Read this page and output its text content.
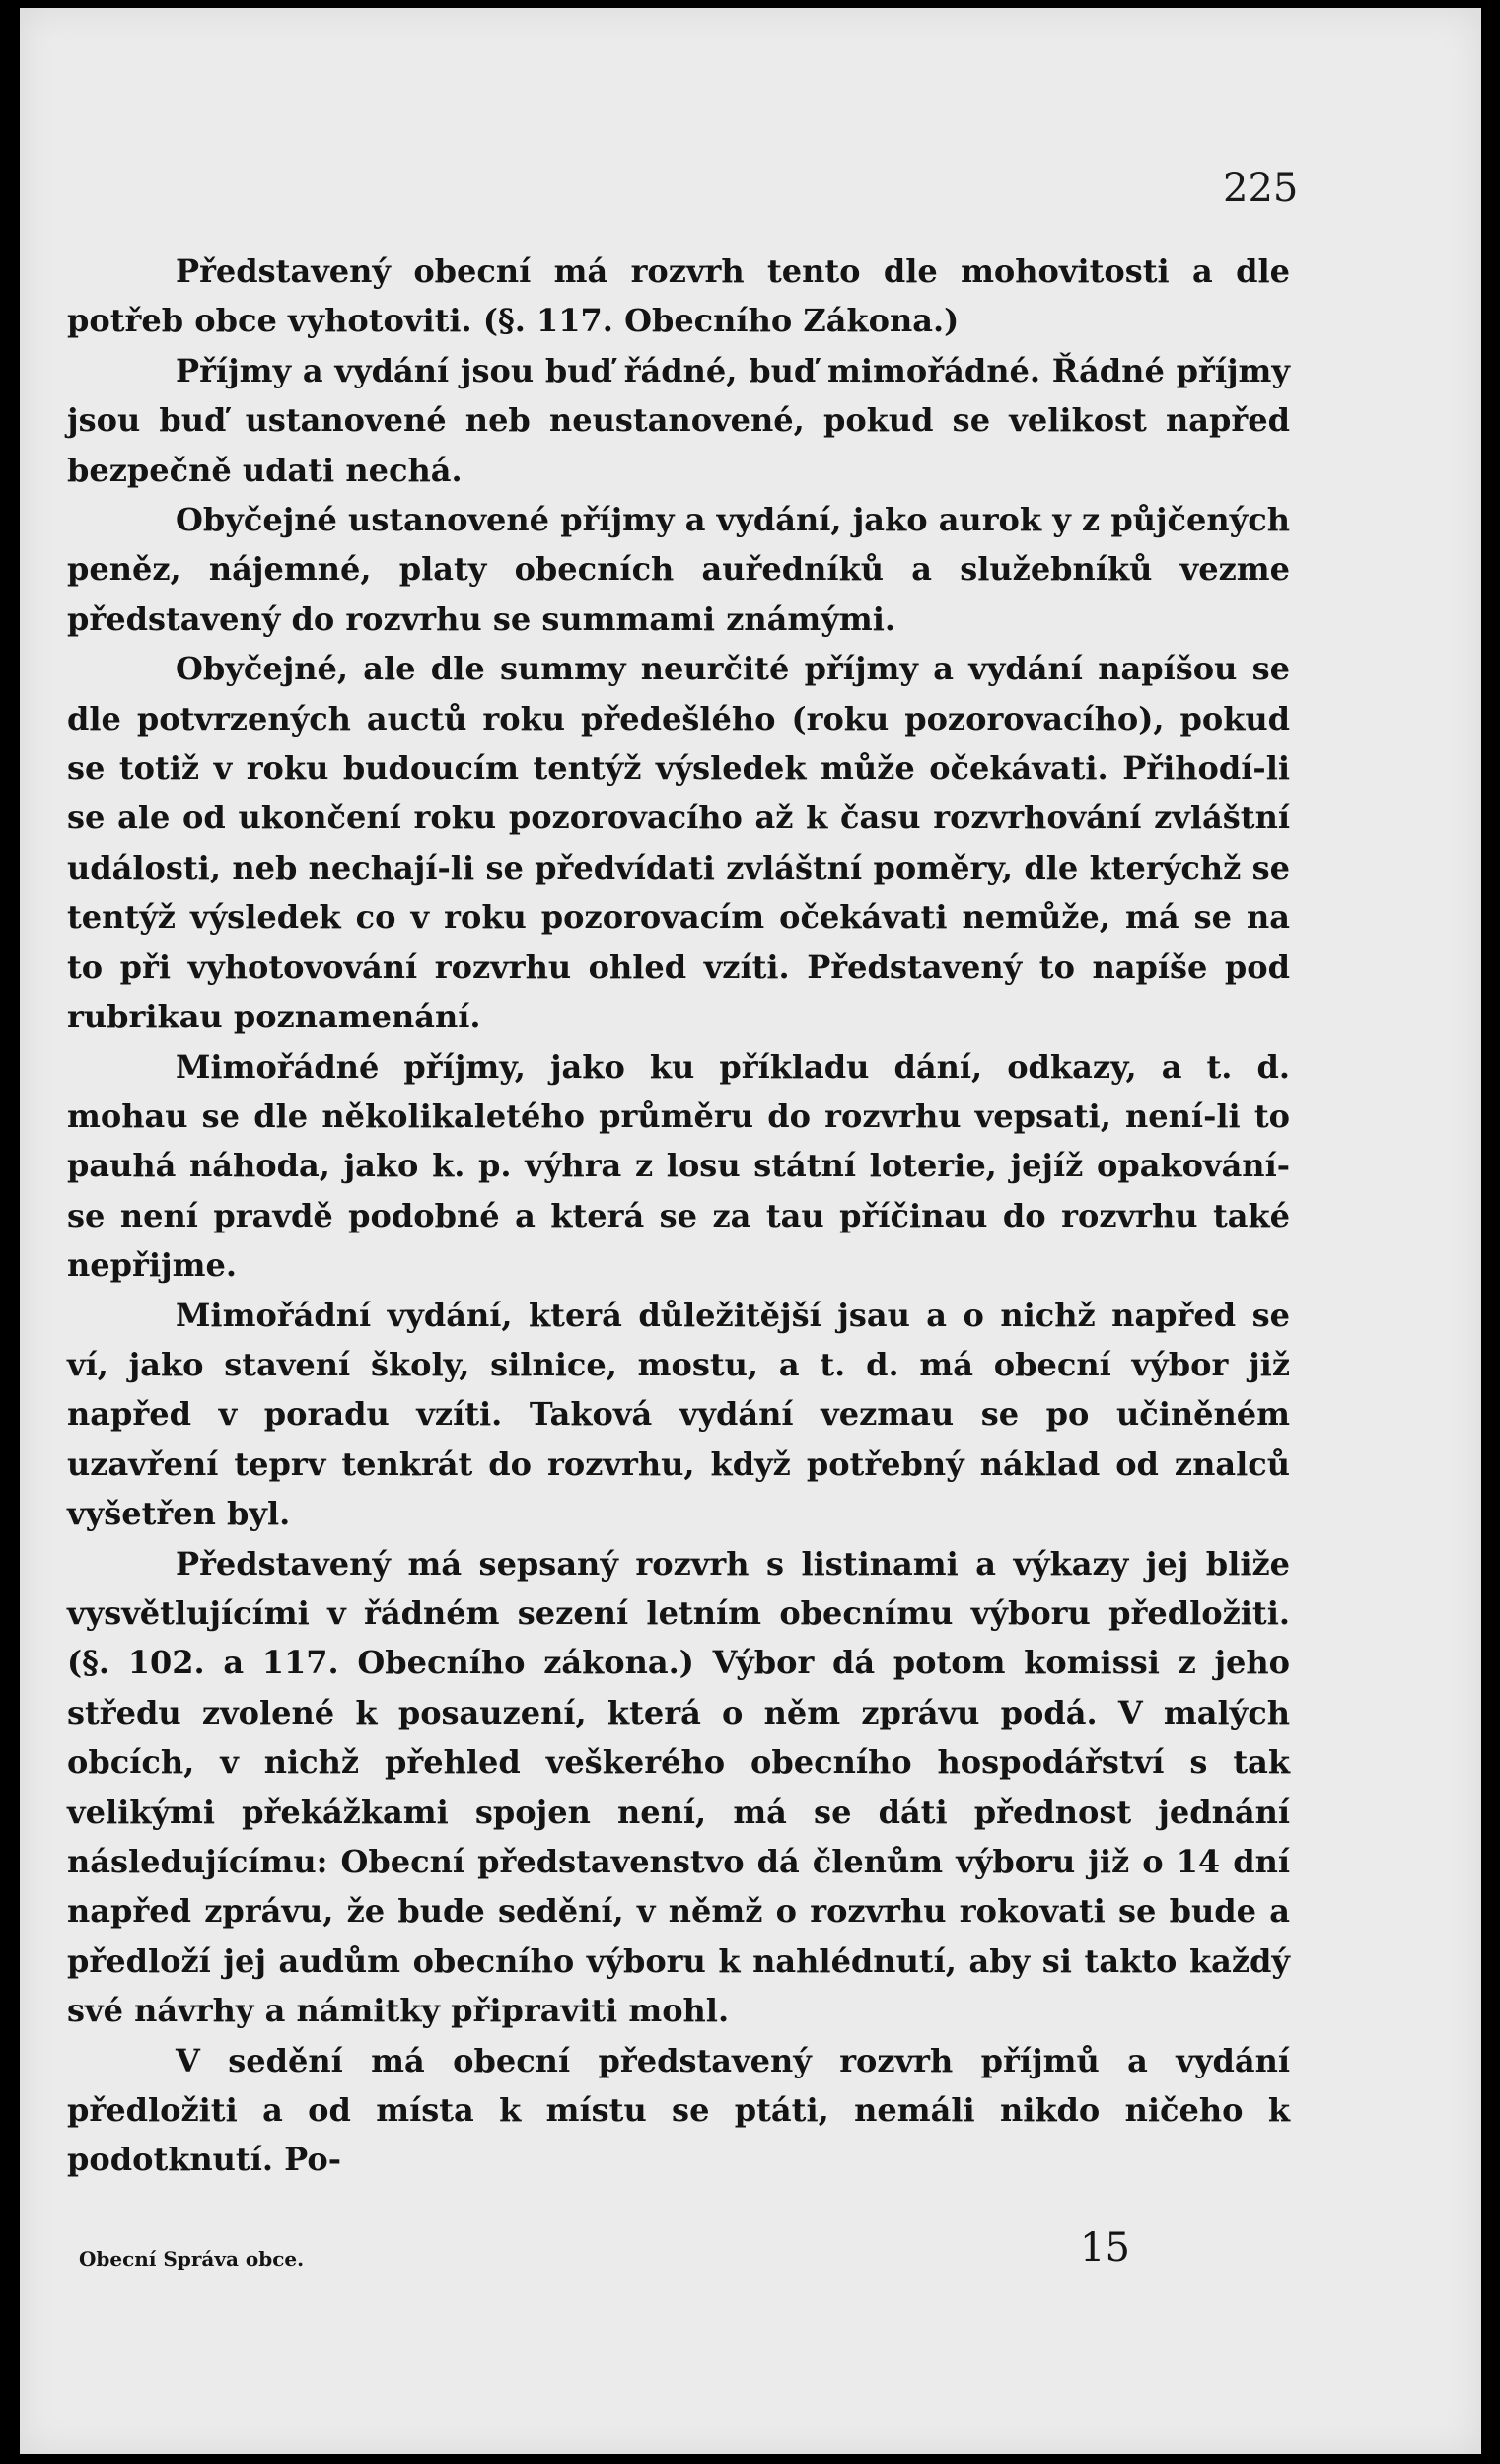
225

Představený obecní má rozvrh tento dle mohovitosti a dle potřeb obce vyhotoviti. (§. 117. Obecního Zákona.)

Příjmy a vydání jsou buď řádné, buď mimořádné. Řádné příjmy jsou buď ustanovené neb neustanovené, pokud se velikost napřed bezpečně udati nechá.

Obyčejné ustanovené příjmy a vydání, jako aurok y z půjčených peněz, nájemné, platy obecních auředníků a služebníků vezme představený do rozvrhu se summami známými.

Obyčejné, ale dle summy neurčité příjmy a vydání napíšou se dle potvrzených auctů roku předešlého (roku pozorovacího), pokud se totiž v roku budoucím tentýž výsledek může očekávati. Přihodí-li se ale od ukončení roku pozorovacího až k času rozvrhování zvláštní události, neb nechají-li se předvídati zvláštní poměry, dle kterýchž se tentýž výsledek co v roku pozorovacím očekávati nemůže, má se na to při vyhotovování rozvrhu ohled vzíti. Představený to napíše pod rubrikau poznamenání.

Mimořádné příjmy, jako ku příkladu dání, odkazy, a t. d. mohau se dle několikaletého průměru do rozvrhu vepsati, není-li to pauhá náhoda, jako k. p. výhra z losu státní loterie, jejíž opakování-se není pravdě podobné a která se za tau příčinau do rozvrhu také nepřijme.

Mimořádní vydání, která důležitější jsau a o nichž napřed se ví, jako stavení školy, silnice, mostu, a t. d. má obecní výbor již napřed v poradu vzíti. Taková vydání vezmau se po učiněném uzavření teprv tenkrát do rozvrhu, když potřebný náklad od znalců vyšetřen byl.

Představený má sepsaný rozvrh s listinami a výkazy jej bliže vysvětlujícími v řádném sezení letním obecnímu výboru předložiti. (§. 102. a 117. Obecního zákona.) Výbor dá potom komissi z jeho středu zvolené k posauzení, která o něm zprávu podá. V malých obcích, v nichž přehled veškerého obecního hospodářství s tak velikými překážkami spojen není, má se dáti přednost jednání následujícímu: Obecní představenstvo dá členům výboru již o 14 dní napřed zprávu, že bude sedění, v němž o rozvrhu rokovati se bude a předloží jej audům obecního výboru k nahlédnutí, aby si takto každý své návrhy a námitky připraviti mohl.

V sedění má obecní představený rozvrh příjmů a vydání předložiti a od místa k místu se ptáti, nemáli nikdo ničeho k podotknutí. Po-

Obecní Správa obce.	15
